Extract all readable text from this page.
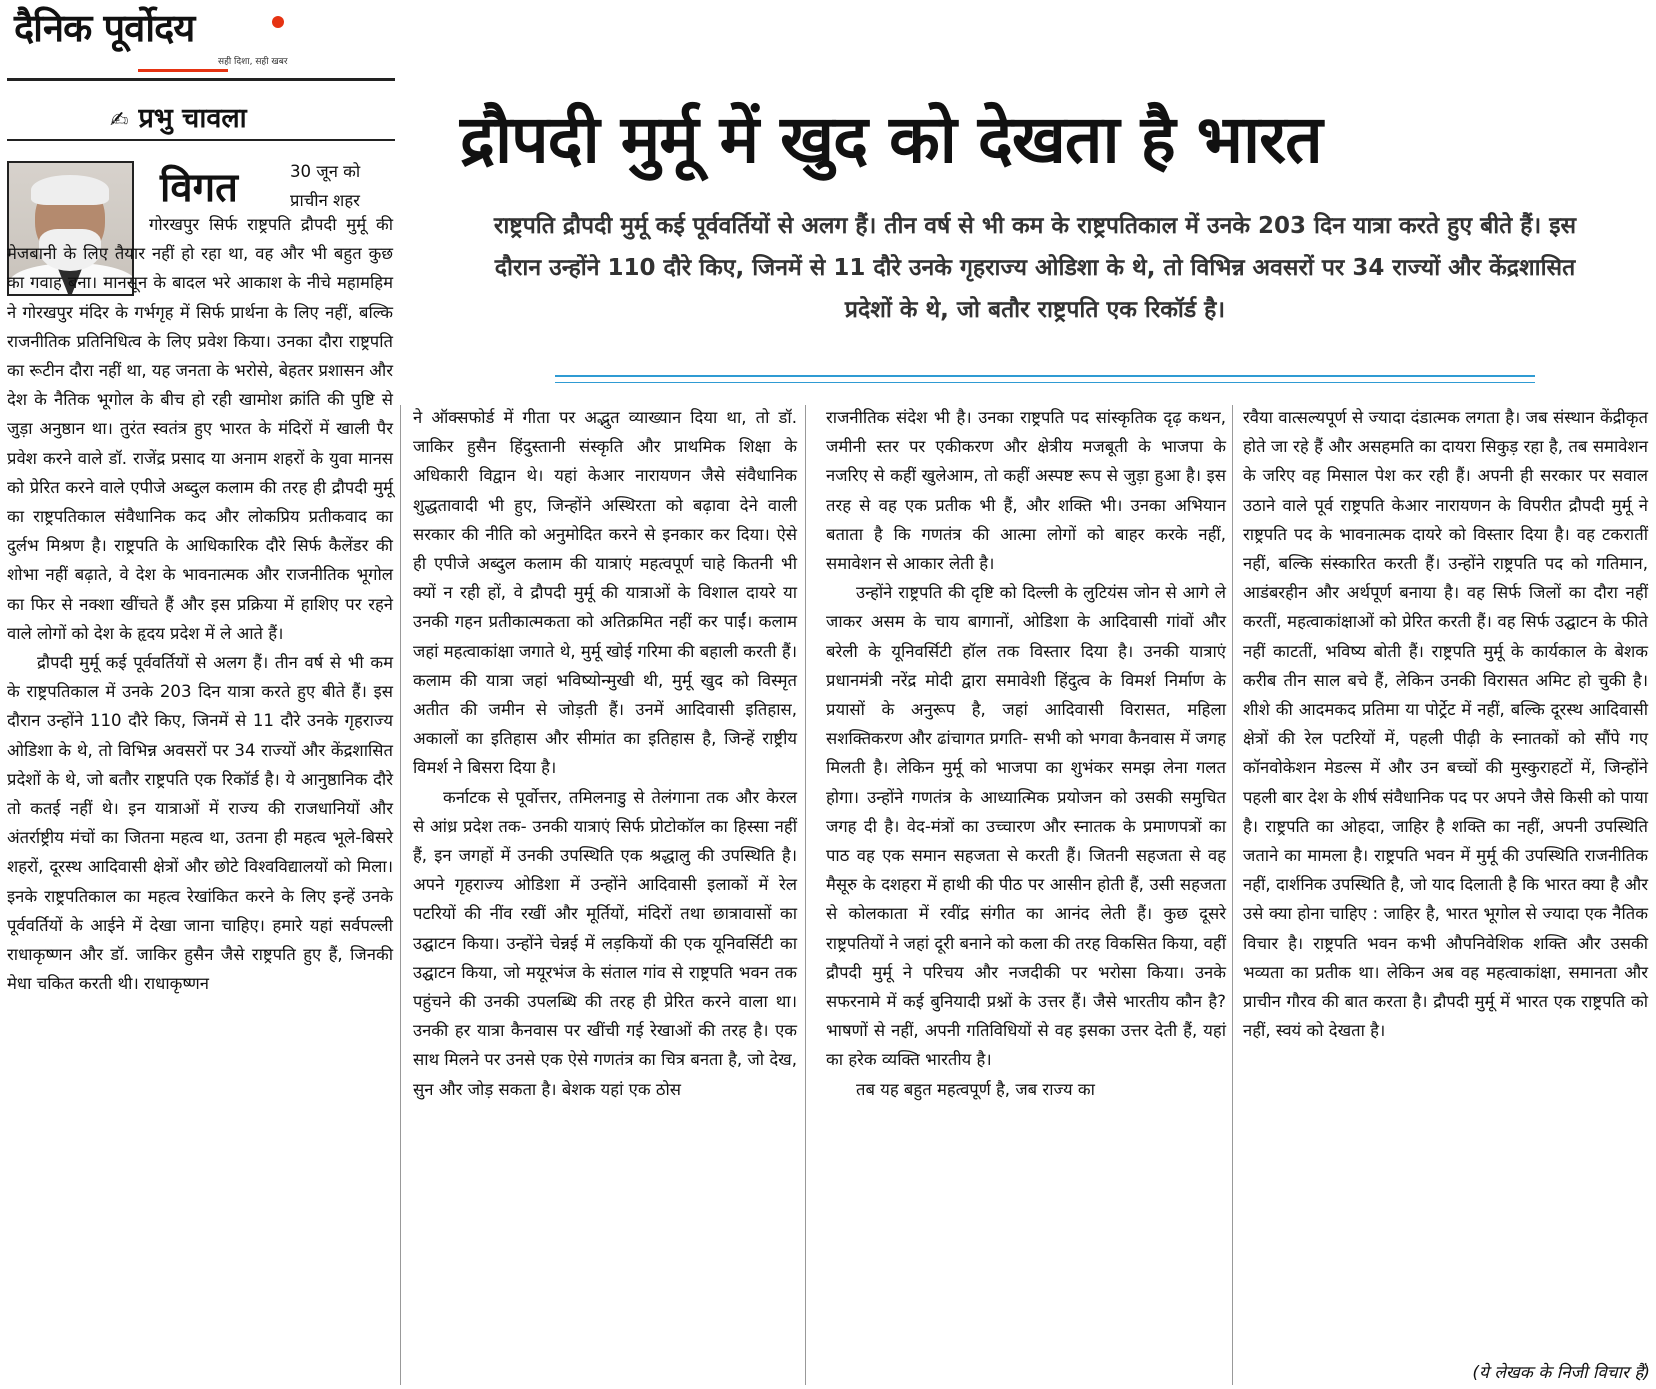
दैनिक पूर्वोदय
सही दिशा, सही खबर
✍ प्रभु चावला
विगत	30 जून को प्राचीन शहर
द्रौपदी मुर्मू में खुद को देखता है भारत
राष्ट्रपति द्रौपदी मुर्मू कई पूर्ववर्तियों से अलग हैं। तीन वर्ष से भी कम के राष्ट्रपतिकाल में उनके 203 दिन यात्रा करते हुए बीते हैं। इस दौरान उन्होंने 110 दौरे किए, जिनमें से 11 दौरे उनके गृहराज्य ओडिशा के थे, तो विभिन्न अवसरों पर 34 राज्यों और केंद्रशासित प्रदेशों के थे, जो बतौर राष्ट्रपति एक रिकॉर्ड है।

गोरखपुर सिर्फ राष्ट्रपति द्रौपदी मुर्मू की मेजबानी के लिए तैयार नहीं हो रहा था, वह और भी बहुत कुछ का गवाह बना। मानसून के बादल भरे आकाश के नीचे महामहिम ने गोरखपुर मंदिर के गर्भगृह में सिर्फ प्रार्थना के लिए नहीं, बल्कि राजनीतिक प्रतिनिधित्व के लिए प्रवेश किया। उनका दौरा राष्ट्रपति का रूटीन दौरा नहीं था, यह जनता के भरोसे, बेहतर प्रशासन और देश के नैतिक भूगोल के बीच हो रही खामोश क्रांति की पुष्टि से जुड़ा अनुष्ठान था। तुरंत स्वतंत्र हुए भारत के मंदिरों में खाली पैर प्रवेश करने वाले डॉ. राजेंद्र प्रसाद या अनाम शहरों के युवा मानस को प्रेरित करने वाले एपीजे अब्दुल कलाम की तरह ही द्रौपदी मुर्मू का राष्ट्रपतिकाल संवैधानिक कद और लोकप्रिय प्रतीकवाद का दुर्लभ मिश्रण है। राष्ट्रपति के आधिकारिक दौरे सिर्फ कैलेंडर की शोभा नहीं बढ़ाते, वे देश के भावनात्मक और राजनीतिक भूगोल का फिर से नक्शा खींचते हैं और इस प्रक्रिया में हाशिए पर रहने वाले लोगों को देश के हृदय प्रदेश में ले आते हैं।

द्रौपदी मुर्मू कई पूर्ववर्तियों से अलग हैं। तीन वर्ष से भी कम के राष्ट्रपतिकाल में उनके 203 दिन यात्रा करते हुए बीते हैं। इस दौरान उन्होंने 110 दौरे किए, जिनमें से 11 दौरे उनके गृहराज्य ओडिशा के थे, तो विभिन्न अवसरों पर 34 राज्यों और केंद्रशासित प्रदेशों के थे, जो बतौर राष्ट्रपति एक रिकॉर्ड है। ये आनुष्ठानिक दौरे तो कतई नहीं थे। इन यात्राओं में राज्य की राजधानियों और अंतर्राष्ट्रीय मंचों का जितना महत्व था, उतना ही महत्व भूले-बिसरे शहरों, दूरस्थ आदिवासी क्षेत्रों और छोटे विश्वविद्यालयों को मिला। इनके राष्ट्रपतिकाल का महत्व रेखांकित करने के लिए इन्हें उनके पूर्ववर्तियों के आईने में देखा जाना चाहिए। हमारे यहां सर्वपल्ली राधाकृष्णन और डॉ. जाकिर हुसैन जैसे राष्ट्रपति हुए हैं, जिनकी मेधा चकित करती थी। राधाकृष्णन

ने ऑक्सफोर्ड में गीता पर अद्भुत व्याख्यान दिया था, तो डॉ. जाकिर हुसैन हिंदुस्तानी संस्कृति और प्राथमिक शिक्षा के अधिकारी विद्वान थे। यहां केआर नारायणन जैसे संवैधानिक शुद्धतावादी भी हुए, जिन्होंने अस्थिरता को बढ़ावा देने वाली सरकार की नीति को अनुमोदित करने से इनकार कर दिया। ऐसे ही एपीजे अब्दुल कलाम की यात्राएं महत्वपूर्ण चाहे कितनी भी क्यों न रही हों, वे द्रौपदी मुर्मू की यात्राओं के विशाल दायरे या उनकी गहन प्रतीकात्मकता को अतिक्रमित नहीं कर पाईं। कलाम जहां महत्वाकांक्षा जगाते थे, मुर्मू खोई गरिमा की बहाली करती हैं। कलाम की यात्रा जहां भविष्योन्मुखी थी, मुर्मू खुद को विस्मृत अतीत की जमीन से जोड़ती हैं। उनमें आदिवासी इतिहास, अकालों का इतिहास और सीमांत का इतिहास है, जिन्हें राष्ट्रीय विमर्श ने बिसरा दिया है।

कर्नाटक से पूर्वोत्तर, तमिलनाडु से तेलंगाना तक और केरल से आंध्र प्रदेश तक- उनकी यात्राएं सिर्फ प्रोटोकॉल का हिस्सा नहीं हैं, इन जगहों में उनकी उपस्थिति एक श्रद्धालु की उपस्थिति है। अपने गृहराज्य ओडिशा में उन्होंने आदिवासी इलाकों में रेल पटरियों की नींव रखीं और मूर्तियों, मंदिरों तथा छात्रावासों का उद्घाटन किया। उन्होंने चेन्नई में लड़कियों की एक यूनिवर्सिटी का उद्घाटन किया, जो मयूरभंज के संताल गांव से राष्ट्रपति भवन तक पहुंचने की उनकी उपलब्धि की तरह ही प्रेरित करने वाला था। उनकी हर यात्रा कैनवास पर खींची गई रेखाओं की तरह है। एक साथ मिलने पर उनसे एक ऐसे गणतंत्र का चित्र बनता है, जो देख, सुन और जोड़ सकता है। बेशक यहां एक ठोस

राजनीतिक संदेश भी है। उनका राष्ट्रपति पद सांस्कृतिक दृढ़ कथन, जमीनी स्तर पर एकीकरण और क्षेत्रीय मजबूती के भाजपा के नजरिए से कहीं खुलेआम, तो कहीं अस्पष्ट रूप से जुड़ा हुआ है। इस तरह से वह एक प्रतीक भी हैं, और शक्ति भी। उनका अभियान बताता है कि गणतंत्र की आत्मा लोगों को बाहर करके नहीं, समावेशन से आकार लेती है।

उन्होंने राष्ट्रपति की दृष्टि को दिल्ली के लुटियंस जोन से आगे ले जाकर असम के चाय बागानों, ओडिशा के आदिवासी गांवों और बरेली के यूनिवर्सिटी हॉल तक विस्तार दिया है। उनकी यात्राएं प्रधानमंत्री नरेंद्र मोदी द्वारा समावेशी हिंदुत्व के विमर्श निर्माण के प्रयासों के अनुरूप है, जहां आदिवासी विरासत, महिला सशक्तिकरण और ढांचागत प्रगति- सभी को भगवा कैनवास में जगह मिलती है। लेकिन मुर्मू को भाजपा का शुभंकर समझ लेना गलत होगा। उन्होंने गणतंत्र के आध्यात्मिक प्रयोजन को उसकी समुचित जगह दी है। वेद-मंत्रों का उच्चारण और स्नातक के प्रमाणपत्रों का पाठ वह एक समान सहजता से करती हैं। जितनी सहजता से वह मैसूरु के दशहरा में हाथी की पीठ पर आसीन होती हैं, उसी सहजता से कोलकाता में रवींद्र संगीत का आनंद लेती हैं। कुछ दूसरे राष्ट्रपतियों ने जहां दूरी बनाने को कला की तरह विकसित किया, वहीं द्रौपदी मुर्मू ने परिचय और नजदीकी पर भरोसा किया। उनके सफरनामे में कई बुनियादी प्रश्नों के उत्तर हैं। जैसे भारतीय कौन है? भाषणों से नहीं, अपनी गतिविधियों से वह इसका उत्तर देती हैं, यहां का हरेक व्यक्ति भारतीय है।

तब यह बहुत महत्वपूर्ण है, जब राज्य का

रवैया वात्सल्यपूर्ण से ज्यादा दंडात्मक लगता है। जब संस्थान केंद्रीकृत होते जा रहे हैं और असहमति का दायरा सिकुड़ रहा है, तब समावेशन के जरिए वह मिसाल पेश कर रही हैं। अपनी ही सरकार पर सवाल उठाने वाले पूर्व राष्ट्रपति केआर नारायणन के विपरीत द्रौपदी मुर्मू ने राष्ट्रपति पद के भावनात्मक दायरे को विस्तार दिया है। वह टकरातीं नहीं, बल्कि संस्कारित करती हैं। उन्होंने राष्ट्रपति पद को गतिमान, आडंबरहीन और अर्थपूर्ण बनाया है। वह सिर्फ जिलों का दौरा नहीं करतीं, महत्वाकांक्षाओं को प्रेरित करती हैं। वह सिर्फ उद्घाटन के फीते नहीं काटतीं, भविष्य बोती हैं। राष्ट्रपति मुर्मू के कार्यकाल के बेशक करीब तीन साल बचे हैं, लेकिन उनकी विरासत अमिट हो चुकी है। शीशे की आदमकद प्रतिमा या पोर्ट्रेट में नहीं, बल्कि दूरस्थ आदिवासी क्षेत्रों की रेल पटरियों में, पहली पीढ़ी के स्नातकों को सौंपे गए कॉनवोकेशन मेडल्स में और उन बच्चों की मुस्कुराहटों में, जिन्होंने पहली बार देश के शीर्ष संवैधानिक पद पर अपने जैसे किसी को पाया है। राष्ट्रपति का ओहदा, जाहिर है शक्ति का नहीं, अपनी उपस्थिति जताने का मामला है। राष्ट्रपति भवन में मुर्मू की उपस्थिति राजनीतिक नहीं, दार्शनिक उपस्थिति है, जो याद दिलाती है कि भारत क्या है और उसे क्या होना चाहिए : जाहिर है, भारत भूगोल से ज्यादा एक नैतिक विचार है। राष्ट्रपति भवन कभी औपनिवेशिक शक्ति और उसकी भव्यता का प्रतीक था। लेकिन अब वह महत्वाकांक्षा, समानता और प्राचीन गौरव की बात करता है। द्रौपदी मुर्मू में भारत एक राष्ट्रपति को नहीं, स्वयं को देखता है।

(ये लेखक के निजी विचार हैं)
